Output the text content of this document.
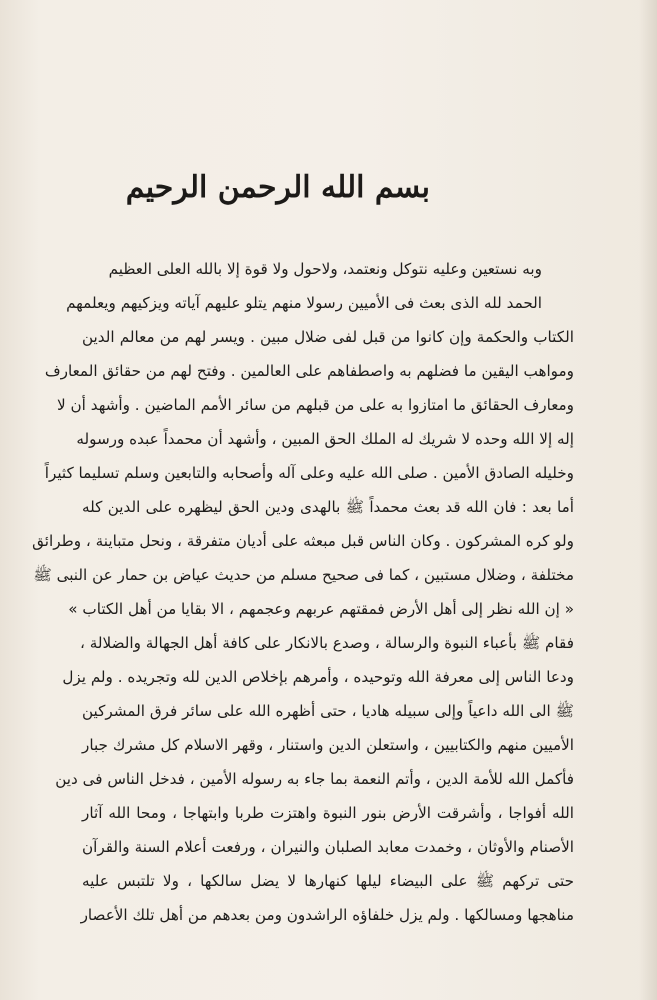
بسم الله الرحمن الرحيم
وبه نستعين وعليه نتوكل ونعتمد، ولاحول ولا قوة إلا بالله العلى العظيم
الحمد لله الذى بعث فى الأميين رسولا منهم يتلو عليهم آياته ويزكيهم ويعلمهم
الكتاب والحكمة وإن كانوا من قبل لفى ضلال مبين . ويسر لهم من معالم الدين
ومواهب اليقين ما فضلهم به واصطفاهم على العالمين . وفتح لهم من حقائق المعارف
ومعارف الحقائق ما امتازوا به على من قبلهم من سائر الأمم الماضين . وأشهد أن لا
إله إلا الله وحده لا شريك له الملك الحق المبين ، وأشهد أن محمداً عبده ورسوله
وخليله الصادق الأمين . صلى الله عليه وعلى آله وأصحابه والتابعين وسلم تسليما كثيراً
أما بعد : فان الله قد بعث محمداً ﷺ بالهدى ودين الحق ليظهره على الدين كله
ولو كره المشركون . وكان الناس قبل مبعثه على أديان متفرقة ، ونحل متباينة ، وطرائق
مختلفة ، وضلال مستبين ، كما فى صحيح مسلم من حديث عياض بن حمار عن النبى ﷺ
« إن الله نظر إلى أهل الأرض فمقتهم عربهم وعجمهم ، الا بقايا من أهل الكتاب »
فقام ﷺ بأعباء النبوة والرسالة ، وصدع بالانكار على كافة أهل الجهالة والضلالة ،
ودعا الناس إلى معرفة الله وتوحيده ، وأمرهم بإخلاص الدين لله وتجريده . ولم يزل
ﷺ الى الله داعياً وإلى سبيله هاديا ، حتى أظهره الله على سائر فرق المشركين
الأميين منهم والكتابيين ، واستعلن الدين واستنار ، وقهر الاسلام كل مشرك جبار
فأكمل الله للأمة الدين ، وأتم النعمة بما جاء به رسوله الأمين ، فدخل الناس فى دين
الله أفواجا ، وأشرقت الأرض بنور النبوة واهتزت طربا وابتهاجا ، ومحا الله آثار
الأصنام والأوثان ، وخمدت معابد الصلبان والنيران ، ورفعت أعلام السنة والقرآن
حتى تركهم ﷺ على البيضاء ليلها كنهارها لا يضل سالكها ، ولا تلتبس عليه
مناهجها ومسالكها . ولم يزل خلفاؤه الراشدون ومن بعدهم من أهل تلك الأعصار
